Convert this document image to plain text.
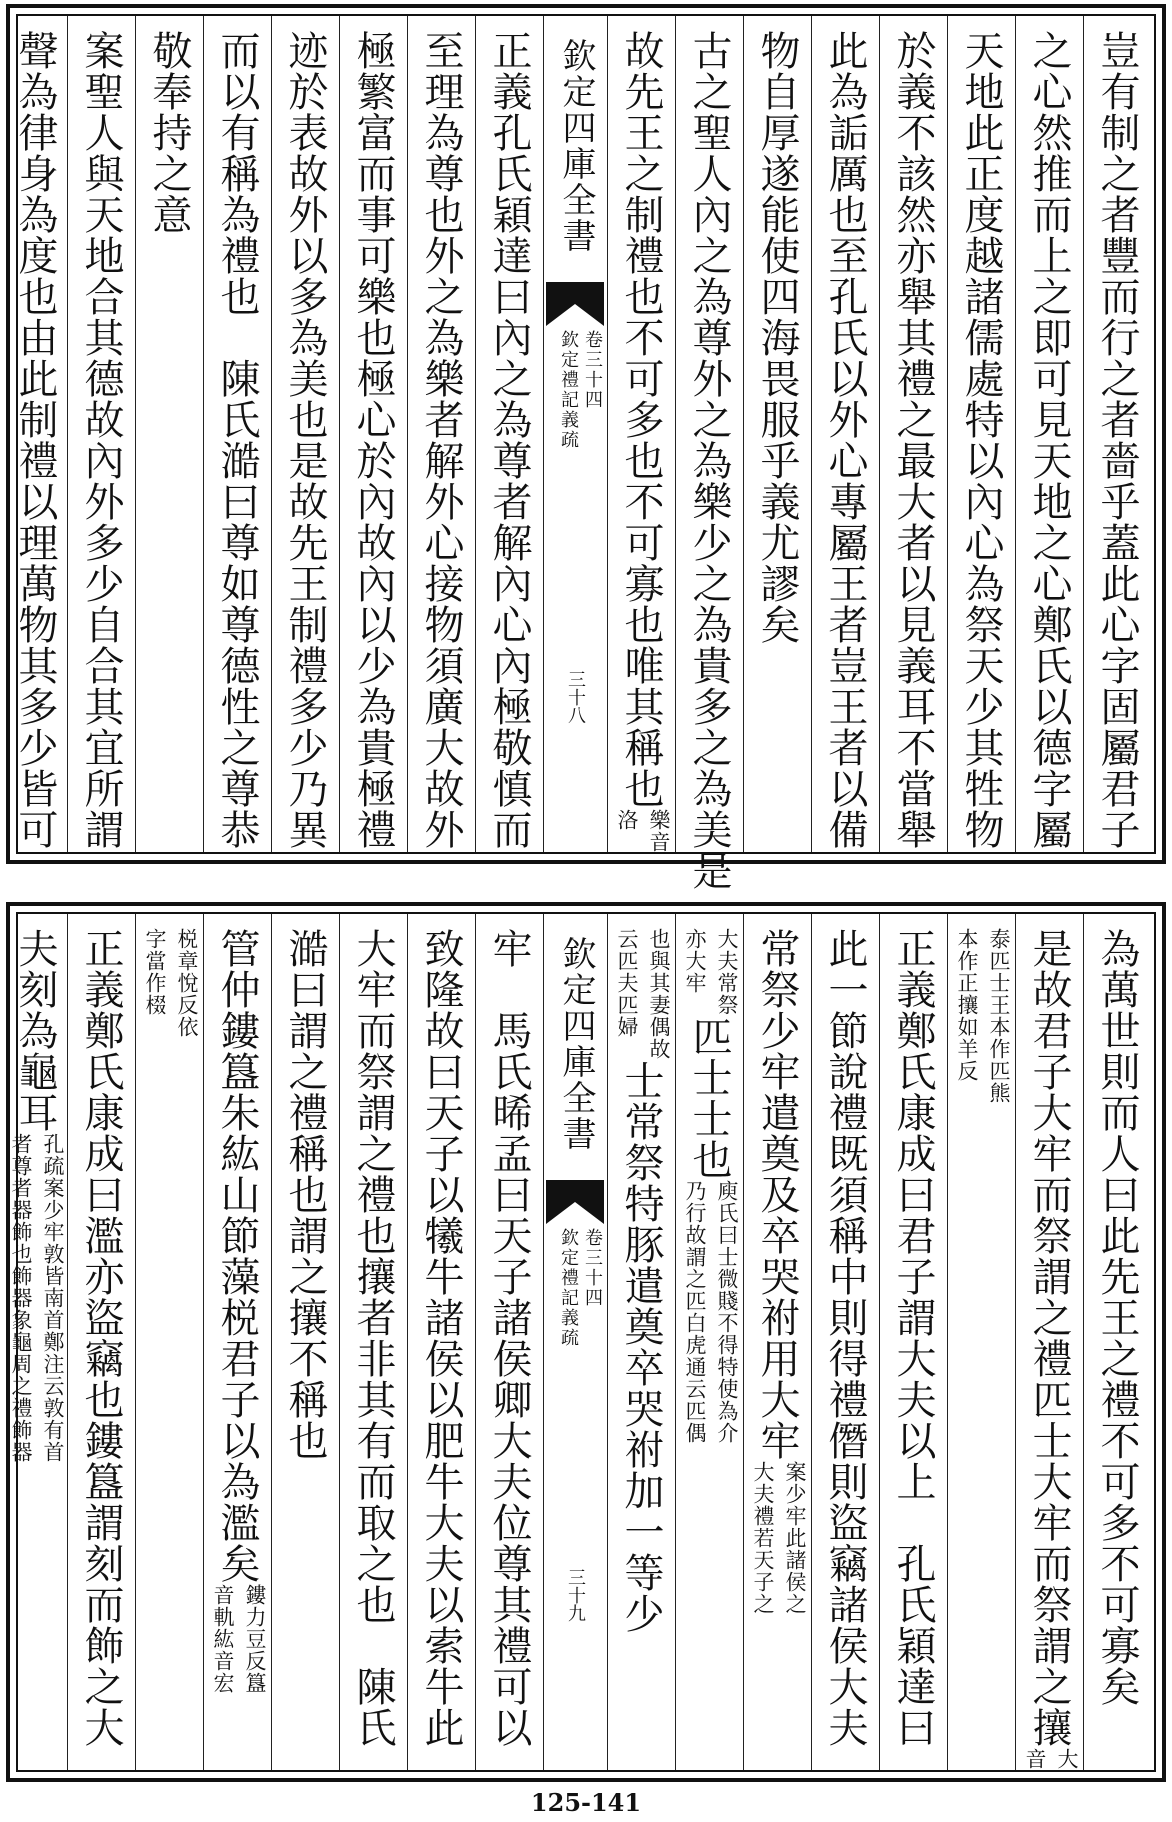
豈有制之者豐而行之者嗇乎蓋此心字固屬君子
之心然推而上之即可見天地之心鄭氏以德字屬
天地此正度越諸儒處特以內心為祭天少其牲物
於義不該然亦舉其禮之最大者以見義耳不當舉
此為詬厲也至孔氏以外心專屬王者豈王者以備
物自厚遂能使四海畏服乎義尤謬矣
古之聖人內之為尊外之為樂少之為貴多之為美是
故先王之制禮也不可多也不可寡也唯其稱也
樂音
洛
欽定四庫全書
欽定禮記義疏 卷三十四
三十八
正義孔氏穎達曰內之為尊者解內心內極敬慎而
至理為尊也外之為樂者解外心接物須廣大故外
極繁富而事可樂也極心於內故內以少為貴極禮
迹於表故外以多為美也是故先王制禮多少乃異
而以有稱為禮也　陳氏澔曰尊如尊德性之尊恭
敬奉持之意
案聖人與天地合其德故內外多少自合其宜所謂
聲為律身為度也由此制禮以理萬物其多少皆可
為萬世則而人曰此先王之禮不可多不可寡矣
是故君子大牢而祭謂之禮匹士大牢而祭謂之攘
大
音
泰匹士王本作匹熊
本作正攘如羊反
正義鄭氏康成曰君子謂大夫以上　孔氏穎達曰
此一節說禮既須稱中則得禮僭則盜竊諸侯大夫
常祭少牢遣奠及卒哭祔用大牢
案少牢此諸侯之
大夫禮若天子之
大夫常祭
亦大牢
匹士士也
庾氏曰士微賤不得特使為介
乃行故謂之匹白虎通云匹偶
也與其妻偶故
云匹夫匹婦
士常祭特豚遣奠卒哭祔加一等少
欽定四庫全書
欽定禮記義疏 卷三十四
三十九
牢　馬氏晞孟曰天子諸侯卿大夫位尊其禮可以
致隆故曰天子以犧牛諸侯以肥牛大夫以索牛此
大牢而祭謂之禮也攘者非其有而取之也　陳氏
澔曰謂之禮稱也謂之攘不稱也
管仲鏤簋朱紘山節藻棁君子以為濫矣
鏤力豆反簋
音軌紘音宏
棁章悅反依
字當作棳
正義鄭氏康成曰濫亦盜竊也鏤簋謂刻而飾之大
夫刻為龜耳
孔疏案少牢敦皆南首鄭注云敦有首
者尊者器飾也飾器象龜周之禮飾器
125-141
